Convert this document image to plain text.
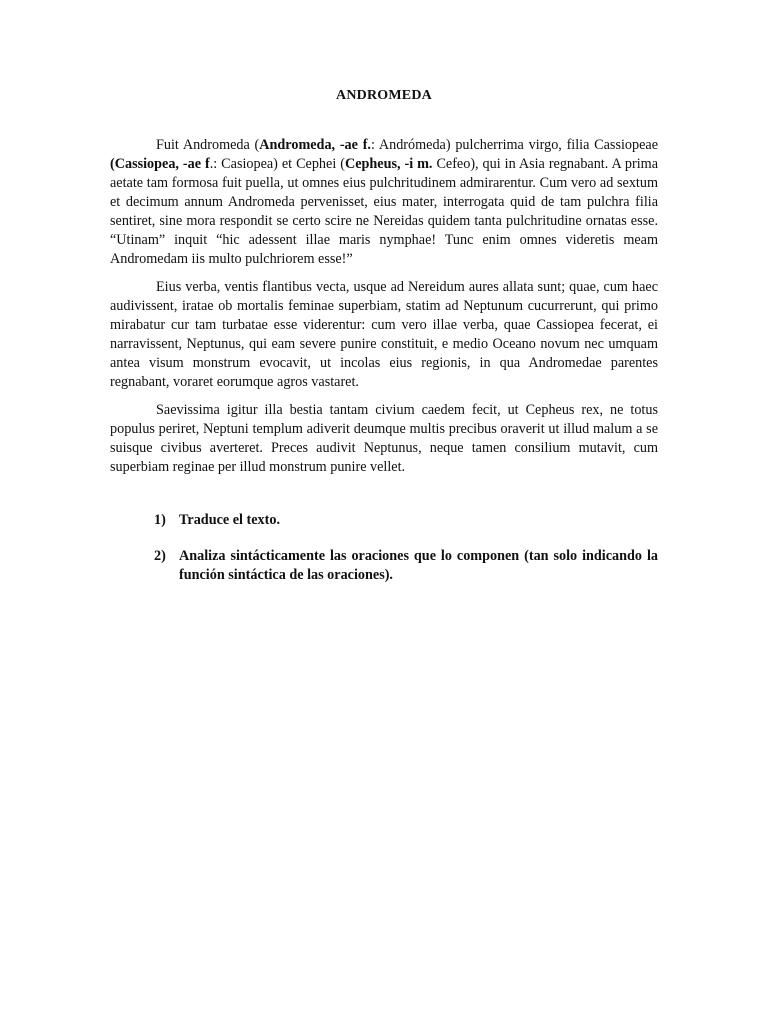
ANDROMEDA

Fuit Andromeda (Andromeda, -ae f.: Andrómeda) pulcherrima virgo, filia Cassiopeae (Cassiopea, -ae f.: Casiopea) et Cephei (Cepheus, -i m. Cefeo), qui in Asia regnabant. A prima aetate tam formosa fuit puella, ut omnes eius pulchritudinem admirarentur. Cum vero ad sextum et decimum annum Andromeda pervenisset, eius mater, interrogata quid de tam pulchra filia sentiret, sine mora respondit se certo scire ne Nereidas quidem tanta pulchritudine ornatas esse. “Utinam” inquit “hic adessent illae maris nymphae! Tunc enim omnes videretis meam Andromedam iis multo pulchriorem esse!”

Eius verba, ventis flantibus vecta, usque ad Nereidum aures allata sunt; quae, cum haec audivissent, iratae ob mortalis feminae superbiam, statim ad Neptunum cucurrerunt, qui primo mirabatur cur tam turbatae esse viderentur: cum vero illae verba, quae Cassiopea fecerat, ei narravissent, Neptunus, qui eam severe punire constituit, e medio Oceano novum nec umquam antea visum monstrum evocavit, ut incolas eius regionis, in qua Andromedae parentes regnabant, voraret eorumque agros vastaret.

Saevissima igitur illa bestia tantam civium caedem fecit, ut Cepheus rex, ne totus populus periret, Neptuni templum adiverit deumque multis precibus oraverit ut illud malum a se suisque civibus averteret. Preces audivit Neptunus, neque tamen consilium mutavit, cum superbiam reginae per illud monstrum punire vellet.

1) Traduce el texto.
2) Analiza sintácticamente las oraciones que lo componen (tan solo indicando la función sintáctica de las oraciones).
